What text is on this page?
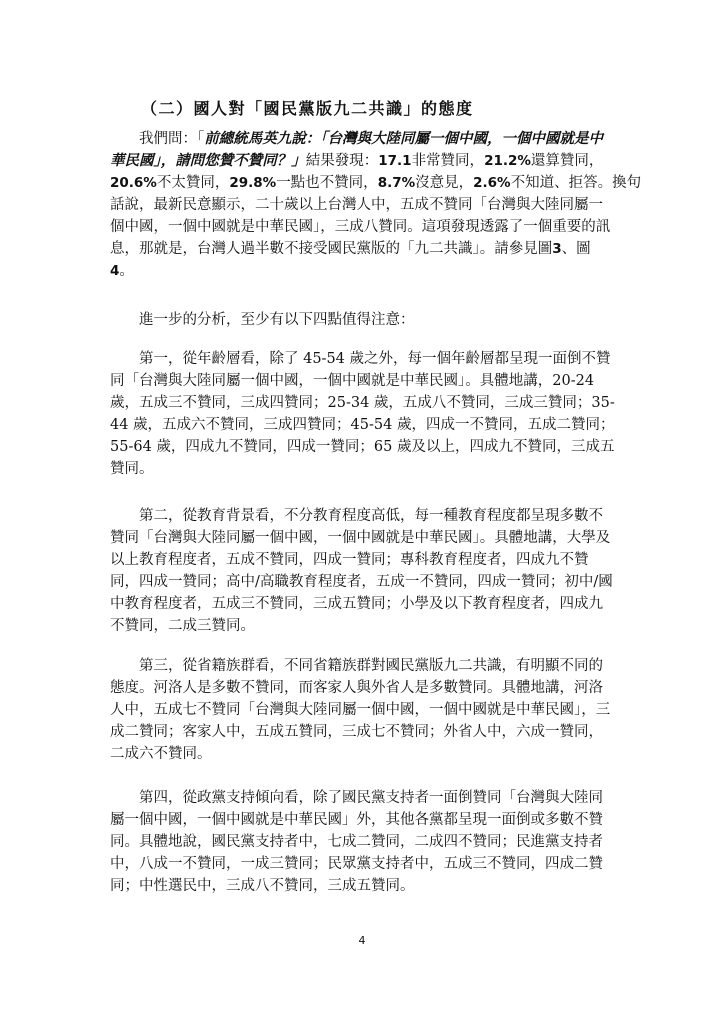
（二）國人對「國民黨版九二共識」的態度
我們問：「前總統馬英九說：「台灣與大陸同屬一個中國，一個中國就是中
華民國」，請問您贊不贊同？」結果發現：17.1非常贊同，21.2%還算贊同，
20.6%不太贊同，29.8%一點也不贊同，8.7%沒意見，2.6%不知道、拒答。換句
話說，最新民意顯示，二十歲以上台灣人中，五成不贊同「台灣與大陸同屬一
個中國，一個中國就是中華民國」，三成八贊同。這項發現透露了一個重要的訊
息，那就是，台灣人過半數不接受國民黨版的「九二共識」。請參見圖3、圖
4。
進一步的分析，至少有以下四點值得注意：
第一，從年齡層看，除了 45-54 歲之外，每一個年齡層都呈現一面倒不贊
同「台灣與大陸同屬一個中國，一個中國就是中華民國」。具體地講，20-24
歲，五成三不贊同，三成四贊同；25-34 歲，五成八不贊同，三成三贊同；35-
44 歲，五成六不贊同，三成四贊同；45-54 歲，四成一不贊同，五成二贊同；
55-64 歲，四成九不贊同，四成一贊同；65 歲及以上，四成九不贊同，三成五
贊同。
第二，從教育背景看，不分教育程度高低，每一種教育程度都呈現多數不
贊同「台灣與大陸同屬一個中國，一個中國就是中華民國」。具體地講，大學及
以上教育程度者，五成不贊同，四成一贊同；專科教育程度者，四成九不贊
同，四成一贊同；高中/高職教育程度者，五成一不贊同，四成一贊同；初中/國
中教育程度者，五成三不贊同，三成五贊同；小學及以下教育程度者，四成九
不贊同，二成三贊同。
第三，從省籍族群看，不同省籍族群對國民黨版九二共識，有明顯不同的
態度。河洛人是多數不贊同，而客家人與外省人是多數贊同。具體地講，河洛
人中，五成七不贊同「台灣與大陸同屬一個中國，一個中國就是中華民國」，三
成二贊同；客家人中，五成五贊同，三成七不贊同；外省人中，六成一贊同，
二成六不贊同。
第四，從政黨支持傾向看，除了國民黨支持者一面倒贊同「台灣與大陸同
屬一個中國，一個中國就是中華民國」外，其他各黨都呈現一面倒或多數不贊
同。具體地說，國民黨支持者中，七成二贊同，二成四不贊同；民進黨支持者
中，八成一不贊同，一成三贊同；民眾黨支持者中，五成三不贊同，四成二贊
同；中性選民中，三成八不贊同，三成五贊同。
4
